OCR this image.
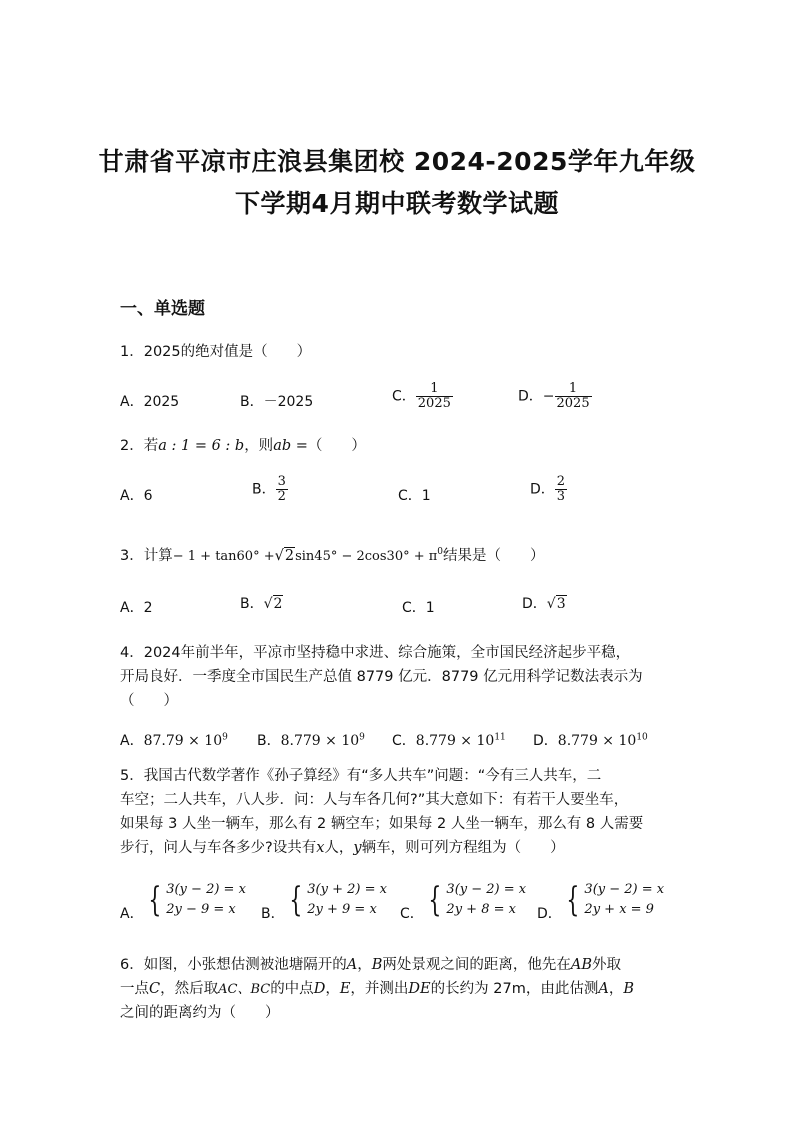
甘肃省平凉市庄浪县集团校 2024-2025学年九年级
下学期4月期中联考数学试题
一、单选题
1．2025的绝对值是（　　）
A．2025	B．－2025	C． $\frac{1}{2025}$	D．− $\frac{1}{2025}$
2．若a : 1 = 6 : b，则ab =（　　）
A．6	B． $\frac{3}{2}$	C．1	D． $\frac{2}{3}$
3．计算− $1 + \tan 60^\circ +√2\sin 45^\circ - 2\cos 30^\circ + \pi^0$结果是（　　）
A．2	B．√2	C．1	D．√3
4．2024年前半年，平凉市坚持稳中求进、综合施策，全市国民经济起步平稳，
开局良好．一季度全市国民生产总值 8779 亿元．8779 亿元用科学记数法表示为
（　　）
A．$87.79 \times 10^9$ B．$8.779 \times 10^9$ C．$8.779 \times 10^{11}$ D．$8.779 \times 10^{10}$
5．我国古代数学著作《孙子算经》有“多人共车”问题：“今有三人共车，二
车空；二人共车，八人步．问：人与车各几何?”其大意如下：有若干人要坐车，
如果每 3 人坐一辆车，那么有 2 辆空车；如果每 2 人坐一辆车，那么有 8 人需要
步行，问人与车各多少?设共有x人，y辆车，则可列方程组为（　　）
A． { 3(y − 2) = x
2y − 9 = x	B． { 3(y + 2) = x
2y + 9 = x	C． { 3(y − 2) = x
2y + 8 = x	D． { 3(y − 2) = x
2y + x = 9
6．如图，小张想估测被池塘隔开的A，B两处景观之间的距离，他先在AB外取
一点C，然后取AC、BC的中点D，E，并测出DE的长约为 27m，由此估测A，B
之间的距离约为（　　）
